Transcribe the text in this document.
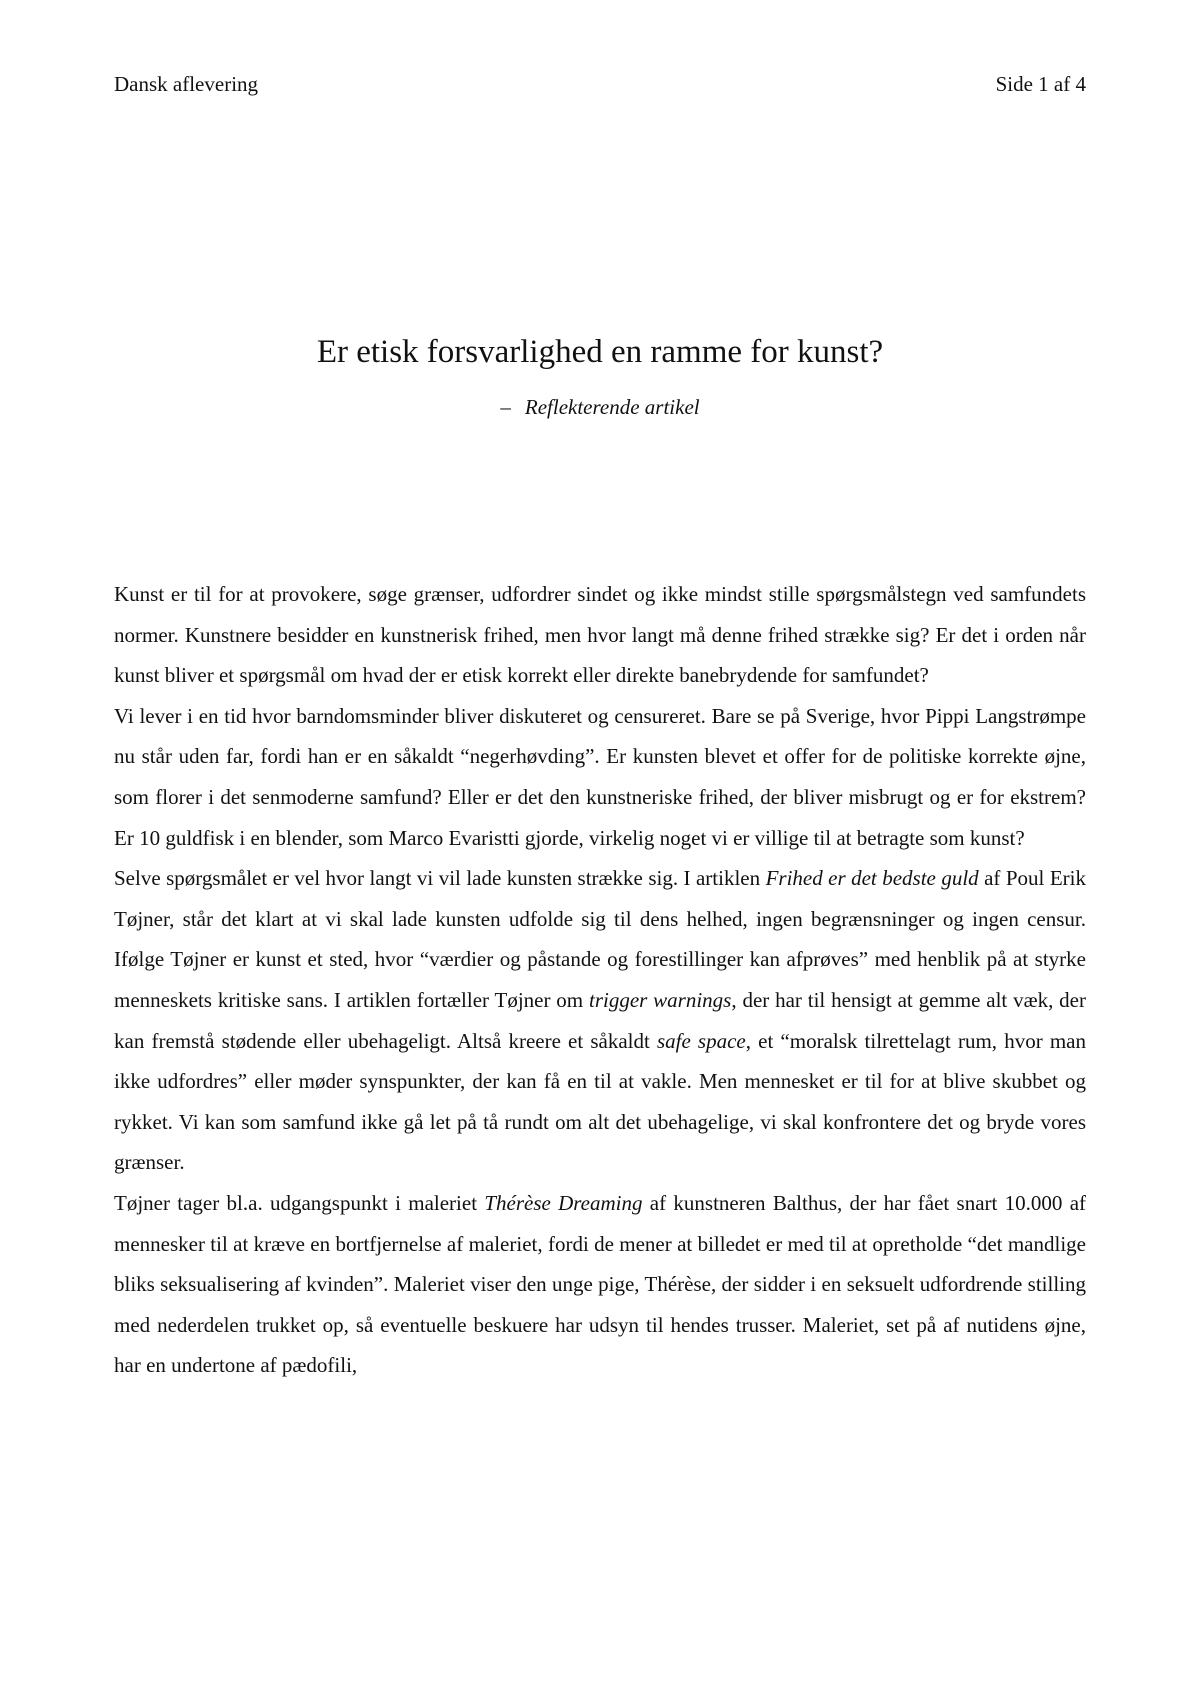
Dansk aflevering	Side 1 af 4
Er etisk forsvarlighed en ramme for kunst?
– Reflekterende artikel

Kunst er til for at provokere, søge grænser, udfordrer sindet og ikke mindst stille spørgsmålstegn ved samfundets normer. Kunstnere besidder en kunstnerisk frihed, men hvor langt må denne frihed strække sig? Er det i orden når kunst bliver et spørgsmål om hvad der er etisk korrekt eller direkte banebrydende for samfundet?

Vi lever i en tid hvor barndomsminder bliver diskuteret og censureret. Bare se på Sverige, hvor Pippi Langstrømpe nu står uden far, fordi han er en såkaldt “negerhøvding”. Er kunsten blevet et offer for de politiske korrekte øjne, som florer i det senmoderne samfund? Eller er det den kunstneriske frihed, der bliver misbrugt og er for ekstrem? Er 10 guldfisk i en blender, som Marco Evaristti gjorde, virkelig noget vi er villige til at betragte som kunst?

Selve spørgsmålet er vel hvor langt vi vil lade kunsten strække sig. I artiklen Frihed er det bedste guld af Poul Erik Tøjner, står det klart at vi skal lade kunsten udfolde sig til dens helhed, ingen begrænsninger og ingen censur. Ifølge Tøjner er kunst et sted, hvor “værdier og påstande og forestillinger kan afprøves” med henblik på at styrke menneskets kritiske sans. I artiklen fortæller Tøjner om trigger warnings, der har til hensigt at gemme alt væk, der kan fremstå stødende eller ubehageligt. Altså kreere et såkaldt safe space, et “moralsk tilrettelagt rum, hvor man ikke udfordres” eller møder synspunkter, der kan få en til at vakle. Men mennesket er til for at blive skubbet og rykket. Vi kan som samfund ikke gå let på tå rundt om alt det ubehagelige, vi skal konfrontere det og bryde vores grænser.

Tøjner tager bl.a. udgangspunkt i maleriet Thérèse Dreaming af kunstneren Balthus, der har fået snart 10.000 af mennesker til at kræve en bortfjernelse af maleriet, fordi de mener at billedet er med til at opretholde “det mandlige bliks seksualisering af kvinden”. Maleriet viser den unge pige, Thérèse, der sidder i en seksuelt udfordrende stilling med nederdelen trukket op, så eventuelle beskuere har udsyn til hendes trusser. Maleriet, set på af nutidens øjne, har en undertone af pædofili,
